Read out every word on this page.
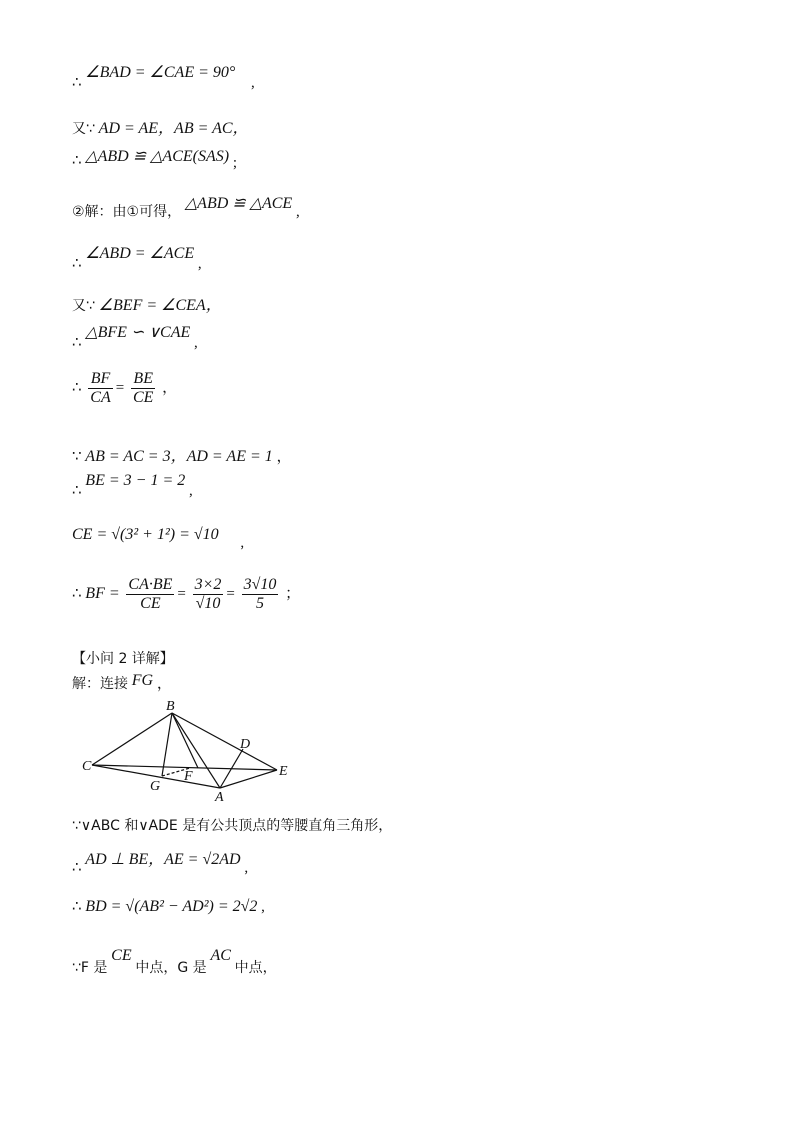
∴ ∠BAD = ∠CAE = 90° ,
又∵ AD = AE，AB = AC，
∴ △ABD ≌ △ACE(SAS) ;
②解：由①可得， △ABD ≌ △ACE ,
∴ ∠ABD = ∠ACE ,
又∵ ∠BEF = ∠CEA，
∴ △BFE ∽ ∨CAE ,
∴ $\frac{BF}{CA} = \frac{BE}{CE}$ ，
∵ AB = AC = 3，AD = AE = 1 ，
∴ BE = 3 − 1 = 2 ,
CE = √(3² + 1²) = √10 ,
∴ BF = $\frac{CA\cdot BE}{CE} = \frac{3\times 2}{√10} = \frac{3√10}{5}$ ；
【小问 2 详解】
解：连接 FG ，
B
C
D
E
G
F
A
∵∨ABC 和∨ADE 是有公共顶点的等腰直角三角形，
∴ AD ⊥ BE，AE = √2AD ,
∴ BD = √(AB² − AD²) = 2√2 ,
∵F 是 CE 中点，G 是 AC 中点，
